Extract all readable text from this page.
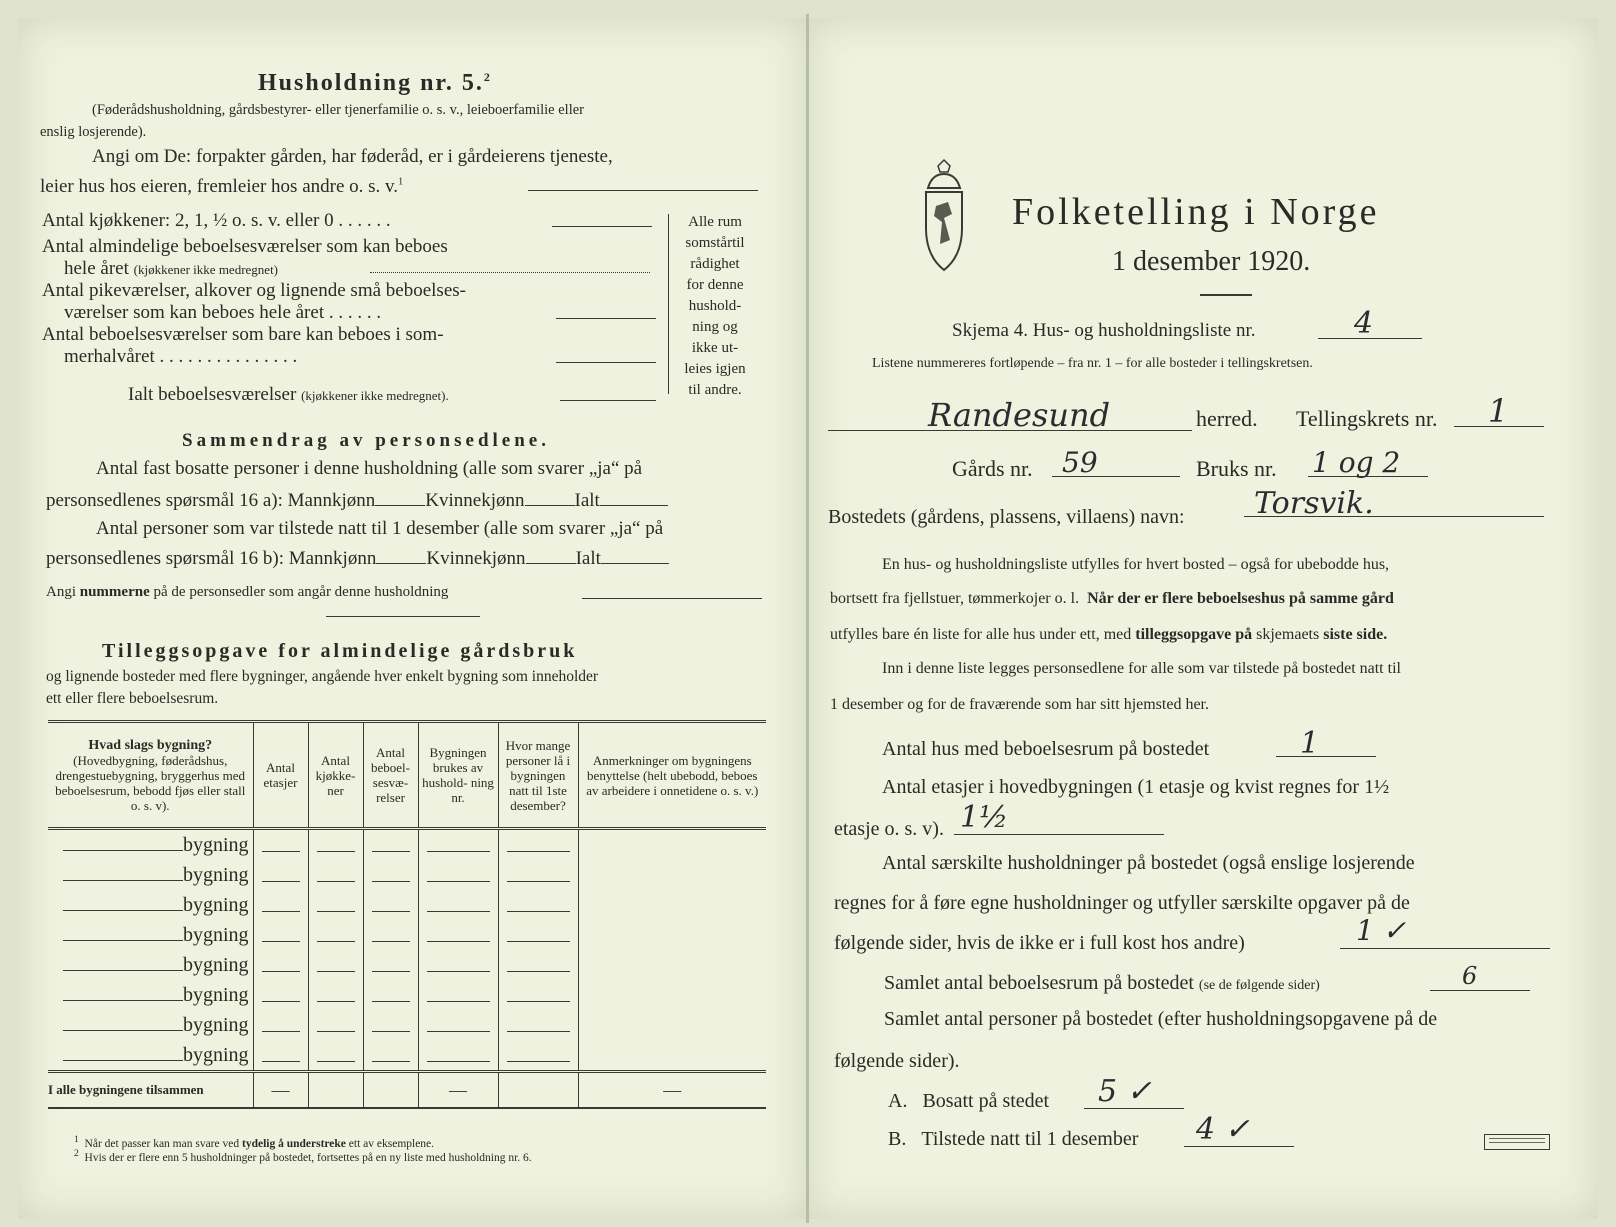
Husholdning nr. 5.$^2$
(Føderådshusholdning, gårdsbestyrer- eller tjenerfamilie o. s. v., leieboerfamilie eller
enslig losjerende).
Angi om De: forpakter gården, har føderåd, er i gårdeierens tjeneste,
leier hus hos eieren, fremleier hos andre o. s. v.$^1$
Antal kjøkkener: 2, 1, ½ o. s. v. eller 0 . . . . . .
Antal almindelige beboelsesværelser som kan beboes
hele året (kjøkkener ikke medregnet)
Antal pikeværelser, alkover og lignende små beboelses-
værelser som kan beboes hele året . . . . . .
Antal beboelsesværelser som bare kan beboes i som-
merhalvåret . . . . . . . . . . . . . . .
Ialt beboelsesværelser (kjøkkener ikke medregnet).
Alle rum
somstårtil
rådighet
for denne
hushold-
ning og
ikke ut-
leies igjen
til andre.
Sammendrag av personsedlene.
Antal fast bosatte personer i denne husholdning (alle som svarer „ja“ på
personsedlenes spørsmål 16 a): Mannkjønn	Kvinnekjønn	Ialt
Antal personer som var tilstede natt til 1 desember (alle som svarer „ja“ på
personsedlenes spørsmål 16 b): Mannkjønn	Kvinnekjønn	Ialt
Angi nummerne på de personsedler som angår denne husholdning
Tilleggsopgave for almindelige gårdsbruk
og lignende bosteder med flere bygninger, angående hver enkelt bygning som inneholder
ett eller flere beboelsesrum.
Hvad slags bygning?
(Hovedbygning, føderådshus, drengestuebygning, bryggerhus med beboelsesrum, bebodd fjøs eller stall o. s. v).	Antal etasjer	Antal kjøkke- ner	Antal beboel- sesvæ- relser	Bygningen brukes av hushold- ning nr.	Hvor mange personer lå i bygningen natt til 1ste desember?	Anmerkninger om bygningens benyttelse (helt ubebodd, beboes av arbeidere i onnetidene o. s. v.)
bygning	

bygning	

bygning	

bygning	

bygning	

bygning	

bygning	

bygning	

I alle bygningene tilsammen	—			—		—
$^1$ Når det passer kan man svare ved tydelig å understreke ett av eksemplene.
$^2$ Hvis der er flere enn 5 husholdninger på bostedet, fortsettes på en ny liste med husholdning nr. 6.
Folketelling i Norge
1 desember 1920.
Skjema 4. Hus- og husholdningsliste nr.	4
Listene nummereres fortløpende – fra nr. 1 – for alle bosteder i tellingskretsen.
Randesund	herred. Tellingskrets nr. 1
Gårds nr. 59	Bruks nr. 1 og 2
Bostedets (gårdens, plassens, villaens) navn: Torsvik.
En hus- og husholdningsliste utfylles for hvert bosted – også for ubebodde hus,
bortsett fra fjellstuer, tømmerkojer o. l. Når der er flere beboelseshus på samme gård
utfylles bare én liste for alle hus under ett, med tilleggsopgave på skjemaets siste side.
Inn i denne liste legges personsedlene for alle som var tilstede på bostedet natt til
1 desember og for de fraværende som har sitt hjemsted her.
Antal hus med beboelsesrum på bostedet	1
Antal etasjer i hovedbygningen (1 etasje og kvist regnes for 1½
etasje o. s. v). 1½
Antal særskilte husholdninger på bostedet (også enslige losjerende
regnes for å føre egne husholdninger og utfyller særskilte opgaver på de
følgende sider, hvis de ikke er i full kost hos andre)	1 ✓
Samlet antal beboelsesrum på bostedet (se de følgende sider)	6
Samlet antal personer på bostedet (efter husholdningsopgavene på de
følgende sider).
A. Bosatt på stedet 5 ✓
B. Tilstede natt til 1 desember 4 ✓
